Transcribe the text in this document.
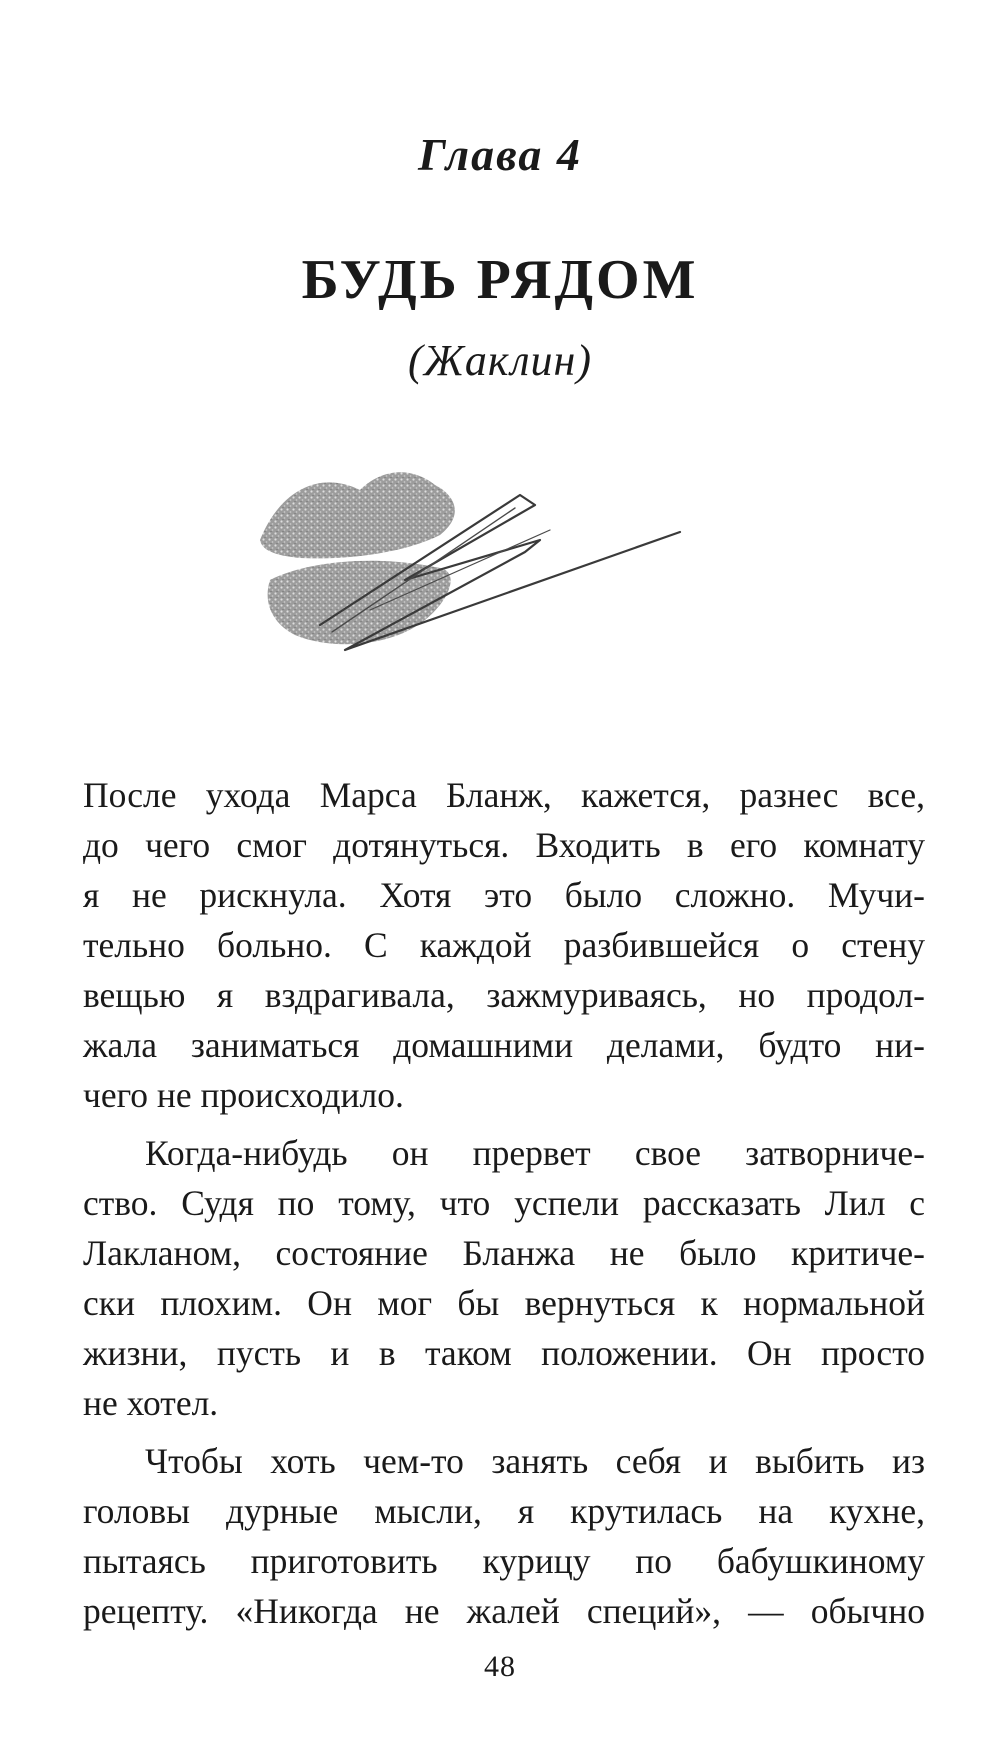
Глава 4
БУДЬ РЯДОМ
(Жаклин)
После ухода Марса Бланж, кажется, разнес все,
до чего смог дотянуться. Входить в его комнату
я не рискнула. Хотя это было сложно. Мучи-
тельно больно. С каждой разбившейся о стену
вещью я вздрагивала, зажмуриваясь, но продол-
жала заниматься домашними делами, будто ни-
чего не происходило.
Когда-нибудь он прервет свое затворниче-
ство. Судя по тому, что успели рассказать Лил с
Лакланом, состояние Бланжа не было критиче-
ски плохим. Он мог бы вернуться к нормальной
жизни, пусть и в таком положении. Он просто
не хотел.
Чтобы хоть чем-то занять себя и выбить из
головы дурные мысли, я крутилась на кухне,
пытаясь приготовить курицу по бабушкиному
рецепту. «Никогда не жалей специй», — обычно
48
